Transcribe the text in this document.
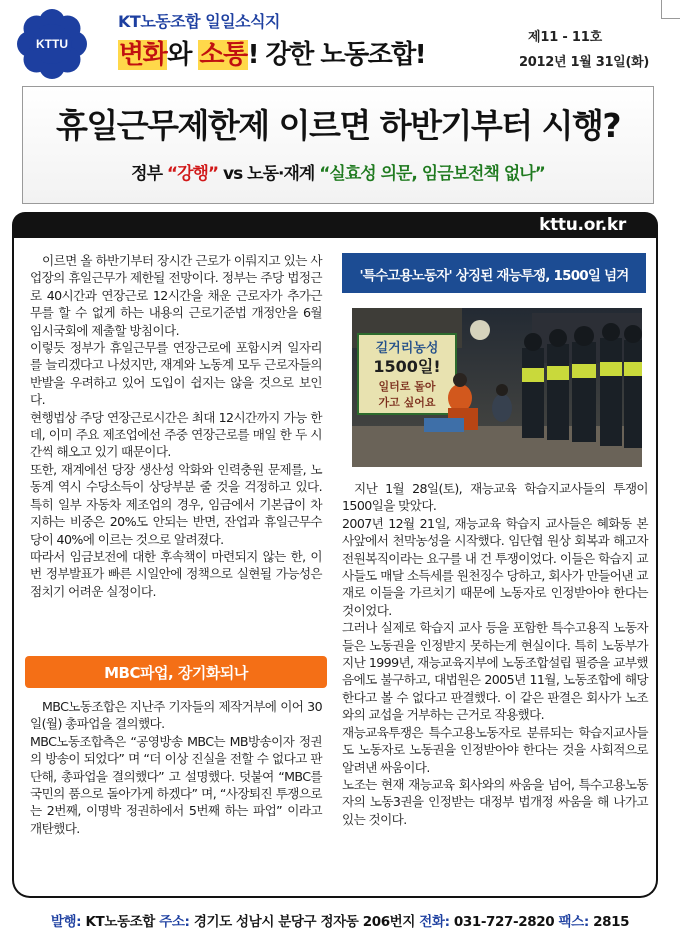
KTTU
KT노동조합 일일소식지
변화와 소통! 강한 노동조합!
제11 - 11호
2012년 1월 31일(화)
휴일근무제한제 이르면 하반기부터 시행?
정부 “강행” vs 노동·재계 “실효성 의문, 임금보전책 없나”
kttu.or.kr

이르면 올 하반기부터 장시간 근로가 이뤄지고 있는 사업장의 휴일근무가 제한될 전망이다. 정부는 주당 법정근로 40시간과 연장근로 12시간을 채운 근로자가 추가근무를 할 수 없게 하는 내용의 근로기준법 개정안을 6월 임시국회에 제출할 방침이다.

이렇듯 정부가 휴일근무를 연장근로에 포함시켜 일자리를 늘리겠다고 나섰지만, 재계와 노동계 모두 근로자들의 반발을 우려하고 있어 도입이 쉽지는 않을 것으로 보인다.

현행법상 주당 연장근로시간은 최대 12시간까지 가능 한 데, 이미 주요 제조업에선 주중 연장근로를 매일 한 두 시간씩 해오고 있기 때문이다.

또한, 재계에선 당장 생산성 악화와 인력충원 문제를, 노동계 역시 수당소득이 상당부분 줄 것을 걱정하고 있다. 특히 일부 자동차 제조업의 경우, 임금에서 기본급이 차지하는 비중은 20%도 안되는 반면, 잔업과 휴일근무수당이 40%에 이르는 것으로 알려졌다.

따라서 임금보전에 대한 후속책이 마련되지 않는 한, 이번 정부발표가 빠른 시일안에 정책으로 실현될 가능성은 점치기 어려운 실정이다.

MBC파업, 장기화되나

MBC노동조합은 지난주 기자들의 제작거부에 이어 30일(월) 총파업을 결의했다.

MBC노동조합측은 “공영방송 MBC는 MB방송이자 정권의 방송이 되었다” 며 “더 이상 진실을 전할 수 없다고 판단해, 총파업을 결의했다” 고 설명했다. 덧붙여 “MBC를 국민의 품으로 돌아가게 하겠다” 며, “사장퇴진 투쟁으로는 2번째, 이명박 정권하에서 5번째 하는 파업” 이라고 개탄했다.

'특수고용노동자' 상징된 재능투쟁, 1500일 넘겨
길거리농성
1500일!
일터로 돌아
가고 싶어요

지난 1월 28일(토), 재능교육 학습지교사들의 투쟁이 1500일을 맞았다.

2007년 12월 21일, 재능교육 학습지 교사들은 혜화동 본사앞에서 천막농성을 시작했다. 임단협 원상 회복과 해고자 전원복직이라는 요구를 내 건 투쟁이었다. 이들은 학습지 교사들도 매달 소득세를 원천징수 당하고, 회사가 만들어낸 교재로 이들을 가르치기 때문에 노동자로 인정받아야 한다는 것이었다.

그러나 실제로 학습지 교사 등을 포함한 특수고용직 노동자들은 노동권을 인정받지 못하는게 현실이다. 특히 노동부가 지난 1999년, 재능교육지부에 노동조합설립 필증을 교부했음에도 불구하고, 대법원은 2005년 11월, 노동조합에 해당한다고 볼 수 없다고 판결했다. 이 같은 판결은 회사가 노조와의 교섭을 거부하는 근거로 작용했다.

재능교육투쟁은 특수고용노동자로 분류되는 학습지교사들도 노동자로 노동권을 인정받아야 한다는 것을 사회적으로 알려낸 싸움이다.

노조는 현재 재능교육 회사와의 싸움을 넘어, 특수고용노동자의 노동3권을 인정받는 대정부 법개정 싸움을 해 나가고 있는 것이다.

발행: KT노동조합 주소: 경기도 성남시 분당구 정자동 206번지 전화: 031-727-2820 팩스: 2815
